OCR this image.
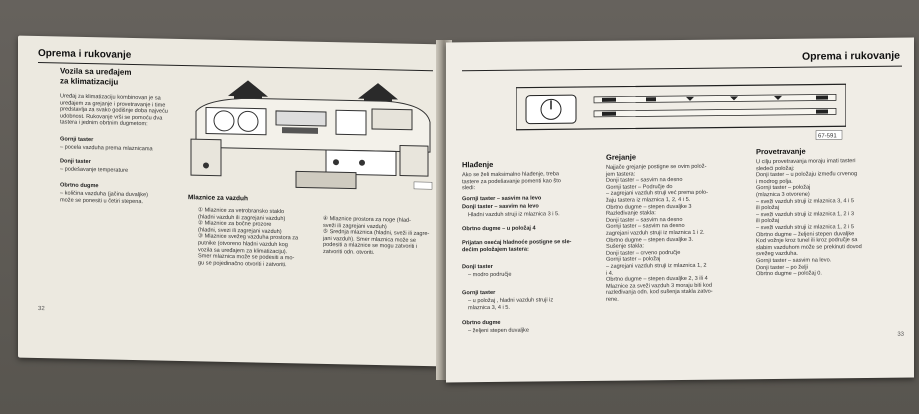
Oprema i rukovanje
Vozila sa uređajem
za klimatizaciju
Uređaj za klimatizaciju kombinovan je sa
uređajem za grejanje i provetravanje i time
predstavlja za svako godišnje doba najveću
udobnost. Rukovanje vrši se pomoću dva
tastera i jednim obrtnim dugmetom:
Gornji taster
– pocela vazduha prema mlaznicama
Donji taster
– podešavanje temperature
Obrtno dugme
– količina vazduha (jačina duvaljke)
može se ponesiti u četiri stepena.	Mlaznice za vazduh
① Mlaznice za vetrobransko staklo
(hladni vazduh ili zagrejani vazduh)
② Mlaznice za bočne prozore
(hladni, svezi ili zagrejani vazduh)
③ Mlaznice svežeg vazduha prostora za
putnike (otvoreno hladni vazduh kog
vozila sa uređajem za klimatizaciju).
Smer mlaznica može se podesiti a mo-
gu se pojedinačno otvoriti i zatvoriti.
④ Mlaznice prostora za noge (hlad-
sveži ili zagrejani vazduh)
⑤ Srednja mlaznica (hladni, sveži ili zagre-
jani vazduh). Smer mlaznica može se
podesiti a mlaznice se mogu zatvoriti i
zatvoriti odn. otvoriti.
32
Oprema i rukovanje
67-591
Hlađenje
Ako se želi maksimalno hlađenje, treba
tastere za podešavanje pomenti kao što
sledi:
Gornji taster – sasvim na levo
Donji taster – sasvim na levo
Hladni vazduh struji iz mlaznica 3 i 5.
Obrtno dugme – u položaj 4
Prijatan osećaj hladnoće postigne se sle-
dećim položajem tastera:
Donji taster
– modro područje
Gornji taster
– u položaj , hladni vazduh struji iz
mlaznica 3, 4 i 5.
Obrtno dugme
– željeni stepen duvaljke
Grejanje
Najjače grejanje postigne se ovim polož-
jem tastera:
Donji taster – sasvim na desno
Gornji taster – Područje do
– zagrejani vazduh struji već prema polo-
žaju tastera iz mlaznica 1, 2, 4 i 5.
Obrtno dugme – stepen duvaljke 3
Razleđivanje stakla:
Donji taster – sasvim na desno
Gornji taster – sasvim na desno
zagrejani vazduh struji iz mlaznica 1 i 2.
Obrtno dugme – stepen duvaljke 3.
Sušenje stakla:
Donji taster – crveno područje
Gornji taster – položaj
– zagrejani vazduh struji iz mlaznica 1, 2
i 4.
Obrtno dugme – stepen duvaljke 2, 3 ili 4
Mlaznice za sveži vazduh 3 moraju biti kod
razleđivanja odn. kod sušenja stakla zatvo-
rene.
Provetravanje
U cilju provetravanja moraju imati tasteri
sledeći položaj:
Donji taster – u položaju između crvenog
i modrog polja.
Gornji taster – položaj
(mlaznica 3 otvorene)
– sveži vazduh struji iz mlaznica 3, 4 i 5
ili položaj
– sveži vazduh struji iz mlaznica 1, 2 i 3
ili položaj
– sveži vazduh struji iz mlaznica 1, 2 i 5
Obrtno dugme – željeni stepen duvaljke
Kod vožnje kroz tunel ili kroz područje sa
slabim vazduhom može se prekinuti dovod
svežeg vazduha.
Gornji taster – sasvim na levo.
Donji taster – po želji
Obrtno dugme – položaj 0.
33
